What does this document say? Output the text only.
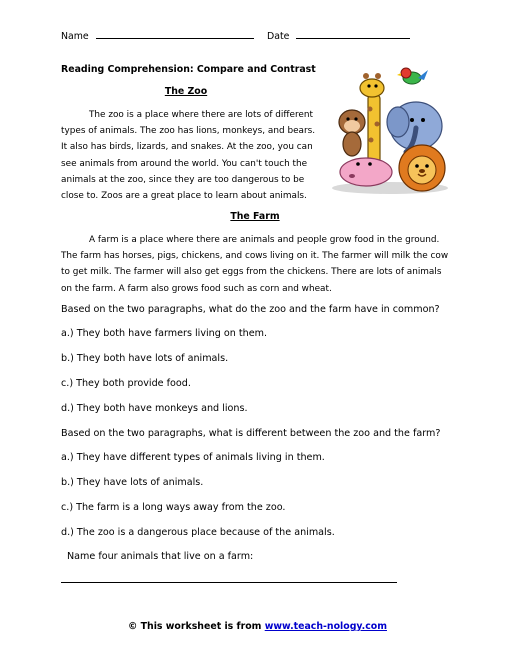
Name	Date
Reading Comprehension: Compare and Contrast
The Zoo
The zoo is a place where there are lots of different types of animals. The zoo has lions, monkeys, and bears. It also has birds, lizards, and snakes. At the zoo, you can see animals from around the world. You can't touch the animals at the zoo, since they are too dangerous to be close to. Zoos are a great place to learn about animals.
The Farm
A farm is a place where there are animals and people grow food in the ground. The farm has horses, pigs, chickens, and cows living on it. The farmer will milk the cow to get milk. The farmer will also get eggs from the chickens. There are lots of animals on the farm. A farm also grows food such as corn and wheat.
Based on the two paragraphs, what do the zoo and the farm have in common?
a.) They both have farmers living on them.
b.) They both have lots of animals.
c.) They both provide food.
d.) They both have monkeys and lions.
Based on the two paragraphs, what is different between the zoo and the farm?
a.) They have different types of animals living in them.
b.) They have lots of animals.
c.) The farm is a long ways away from the zoo.
d.) The zoo is a dangerous place because of the animals.
Name four animals that live on a farm:
© This worksheet is from www.teach-nology.com
